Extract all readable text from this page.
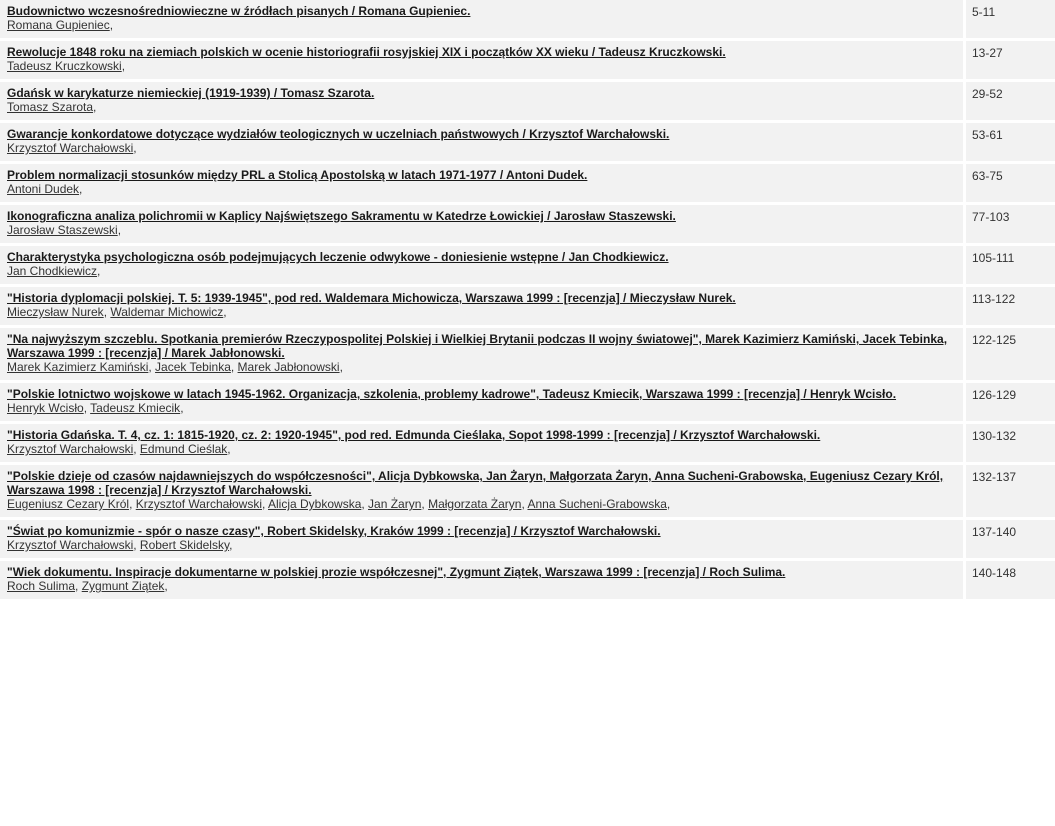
Budownictwo wczesnośredniowieczne w źródłach pisanych / Romana Gupieniec.
Romana Gupieniec,	5-11
Rewolucje 1848 roku na ziemiach polskich w ocenie historiografii rosyjskiej XIX i początków XX wieku / Tadeusz Kruczkowski.
Tadeusz Kruczkowski,	13-27
Gdańsk w karykaturze niemieckiej (1919-1939) / Tomasz Szarota.
Tomasz Szarota,	29-52
Gwarancje konkordatowe dotyczące wydziałów teologicznych w uczelniach państwowych / Krzysztof Warchałowski.
Krzysztof Warchałowski,	53-61
Problem normalizacji stosunków między PRL a Stolicą Apostolską w latach 1971-1977 / Antoni Dudek.
Antoni Dudek,	63-75
Ikonograficzna analiza polichromii w Kaplicy Najświętszego Sakramentu w Katedrze Łowickiej / Jarosław Staszewski.
Jarosław Staszewski,	77-103
Charakterystyka psychologiczna osób podejmujących leczenie odwykowe - doniesienie wstępne / Jan Chodkiewicz.
Jan Chodkiewicz,	105-111
"Historia dyplomacji polskiej. T. 5: 1939-1945", pod red. Waldemara Michowicza, Warszawa 1999 : [recenzja] / Mieczysław Nurek.
Mieczysław Nurek, Waldemar Michowicz,	113-122
"Na najwyższym szczeblu. Spotkania premierów Rzeczypospolitej Polskiej i Wielkiej Brytanii podczas II wojny światowej", Marek Kazimierz Kamiński, Jacek Tebinka, Warszawa 1999 : [recenzja] / Marek Jabłonowski.
Marek Kazimierz Kamiński, Jacek Tebinka, Marek Jabłonowski,	122-125
"Polskie lotnictwo wojskowe w latach 1945-1962. Organizacja, szkolenia, problemy kadrowe", Tadeusz Kmiecik, Warszawa 1999 : [recenzja] / Henryk Wcisło.
Henryk Wcisło, Tadeusz Kmiecik,	126-129
"Historia Gdańska. T. 4, cz. 1: 1815-1920, cz. 2: 1920-1945", pod red. Edmunda Cieślaka, Sopot 1998-1999 : [recenzja] / Krzysztof Warchałowski.
Krzysztof Warchałowski, Edmund Cieślak,	130-132
"Polskie dzieje od czasów najdawniejszych do współczesności", Alicja Dybkowska, Jan Żaryn, Małgorzata Żaryn, Anna Sucheni-Grabowska, Eugeniusz Cezary Król, Warszawa 1998 : [recenzja] / Krzysztof Warchałowski.
Eugeniusz Cezary Król, Krzysztof Warchałowski, Alicja Dybkowska, Jan Żaryn, Małgorzata Żaryn, Anna Sucheni-Grabowska,	132-137
"Świat po komunizmie - spór o nasze czasy", Robert Skidelsky, Kraków 1999 : [recenzja] / Krzysztof Warchałowski.
Krzysztof Warchałowski, Robert Skidelsky,	137-140
"Wiek dokumentu. Inspiracje dokumentarne w polskiej prozie współczesnej", Zygmunt Ziątek, Warszawa 1999 : [recenzja] / Roch Sulima.
Roch Sulima, Zygmunt Ziątek,	140-148
